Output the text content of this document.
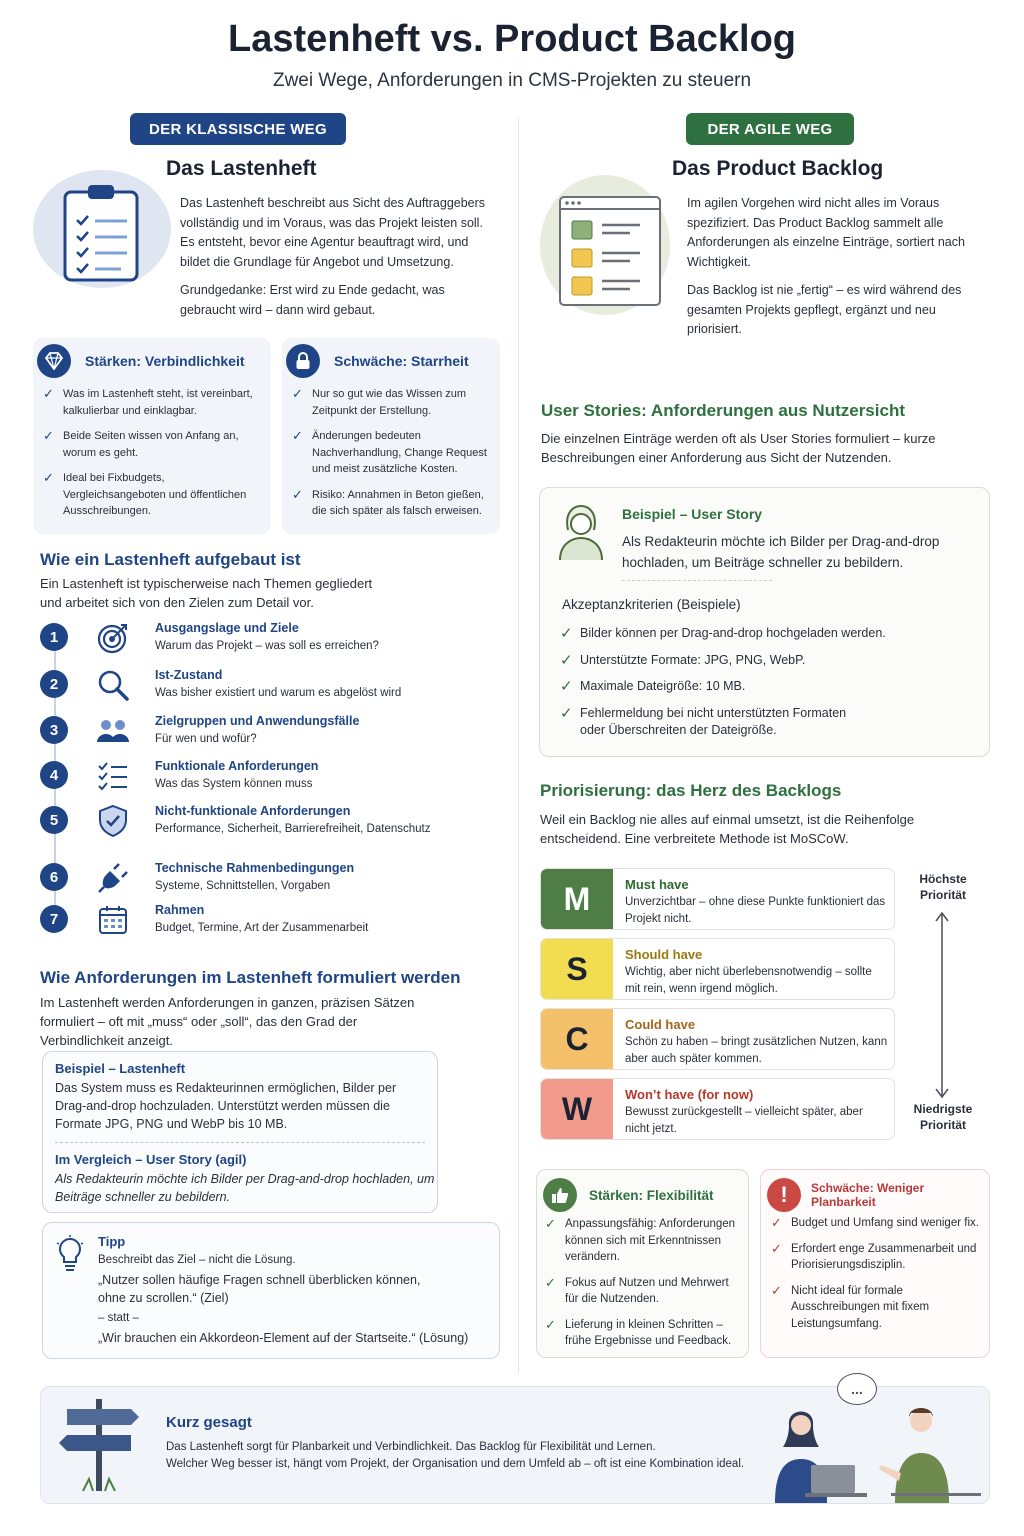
Lastenheft vs. Product Backlog
Zwei Wege, Anforderungen in CMS-Projekten zu steuern
DER KLASSISCHE WEG
Das Lastenheft
Das Lastenheft beschreibt aus Sicht des Auftraggebers vollständig und im Voraus, was das Projekt leisten soll. Es entsteht, bevor eine Agentur beauftragt wird, und bildet die Grundlage für Angebot und Umsetzung.
Grundgedanke: Erst wird zu Ende gedacht, was gebraucht wird – dann wird gebaut.
Stärken: Verbindlichkeit
✓ Was im Lastenheft steht, ist vereinbart, kalkulierbar und einklagbar.
✓ Beide Seiten wissen von Anfang an, worum es geht.
✓ Ideal bei Fixbudgets, Vergleichsangeboten und öffentlichen Ausschreibungen.
Schwäche: Starrheit
✓ Nur so gut wie das Wissen zum Zeitpunkt der Erstellung.
✓ Änderungen bedeuten Nachverhandlung, Change Request und meist zusätzliche Kosten.
✓ Risiko: Annahmen in Beton gießen, die sich später als falsch erweisen.
Wie ein Lastenheft aufgebaut ist
Ein Lastenheft ist typischerweise nach Themen gegliedert und arbeitet sich von den Zielen zum Detail vor.
1
Ausgangslage und Ziele
Warum das Projekt – was soll es erreichen?
2
Ist-Zustand
Was bisher existiert und warum es abgelöst wird
3
Zielgruppen und Anwendungsfälle
Für wen und wofür?
4
Funktionale Anforderungen
Was das System können muss
5
Nicht-funktionale Anforderungen
Performance, Sicherheit, Barrierefreiheit, Datenschutz
6
Technische Rahmenbedingungen
Systeme, Schnittstellen, Vorgaben
7
Rahmen
Budget, Termine, Art der Zusammenarbeit
Wie Anforderungen im Lastenheft formuliert werden
Im Lastenheft werden Anforderungen in ganzen, präzisen Sätzen formuliert – oft mit „muss“ oder „soll“, das den Grad der Verbindlichkeit anzeigt.
Beispiel – Lastenheft
Das System muss es Redakteurinnen ermöglichen, Bilder per Drag-and-drop hochzuladen. Unterstützt werden müssen die Formate JPG, PNG und WebP bis 10 MB.
Im Vergleich – User Story (agil)
Als Redakteurin möchte ich Bilder per Drag-and-drop hochladen, um Beiträge schneller zu bebildern.
Tipp
Beschreibt das Ziel – nicht die Lösung.
„Nutzer sollen häufige Fragen schnell überblicken können, ohne zu scrollen.“ (Ziel)
– statt –
„Wir brauchen ein Akkordeon-Element auf der Startseite.“ (Lösung)
DER AGILE WEG
Das Product Backlog
Im agilen Vorgehen wird nicht alles im Voraus spezifiziert. Das Product Backlog sammelt alle Anforderungen als einzelne Einträge, sortiert nach Wichtigkeit.
Das Backlog ist nie „fertig“ – es wird während des gesamten Projekts gepflegt, ergänzt und neu priorisiert.
User Stories: Anforderungen aus Nutzersicht
Die einzelnen Einträge werden oft als User Stories formuliert – kurze Beschreibungen einer Anforderung aus Sicht der Nutzenden.
Beispiel – User Story
Als Redakteurin möchte ich Bilder per Drag-and-drop hochladen, um Beiträge schneller zu bebildern.
Akzeptanzkriterien (Beispiele)
✓ Bilder können per Drag-and-drop hochgeladen werden.
✓ Unterstützte Formate: JPG, PNG, WebP.
✓ Maximale Dateigröße: 10 MB.
✓ Fehlermeldung bei nicht unterstützten Formaten oder Überschreiten der Dateigröße.
Priorisierung: das Herz des Backlogs
Weil ein Backlog nie alles auf einmal umsetzt, ist die Reihenfolge entscheidend. Eine verbreitete Methode ist MoSCoW.
M	Must have
Unverzichtbar – ohne diese Punkte funktioniert das Projekt nicht.
S	Should have
Wichtig, aber nicht überlebensnotwendig – sollte mit rein, wenn irgend möglich.
C	Could have
Schön zu haben – bringt zusätzlichen Nutzen, kann aber auch später kommen.
W	Won’t have (for now)
Bewusst zurückgestellt – vielleicht später, aber nicht jetzt.
Höchste Priorität
Niedrigste Priorität
Stärken: Flexibilität
✓ Anpassungsfähig: Anforderungen können sich mit Erkenntnissen verändern.
✓ Fokus auf Nutzen und Mehrwert für die Nutzenden.
✓ Lieferung in kleinen Schritten – frühe Ergebnisse und Feedback.
!	Schwäche: Weniger Planbarkeit
✓ Budget und Umfang sind weniger fix.
✓ Erfordert enge Zusammenarbeit und Priorisierungsdisziplin.
✓ Nicht ideal für formale Ausschreibungen mit fixem Leistungsumfang.
Kurz gesagt
Das Lastenheft sorgt für Planbarkeit und Verbindlichkeit. Das Backlog für Flexibilität und Lernen.
Welcher Weg besser ist, hängt vom Projekt, der Organisation und dem Umfeld ab – oft ist eine Kombination ideal.
...
